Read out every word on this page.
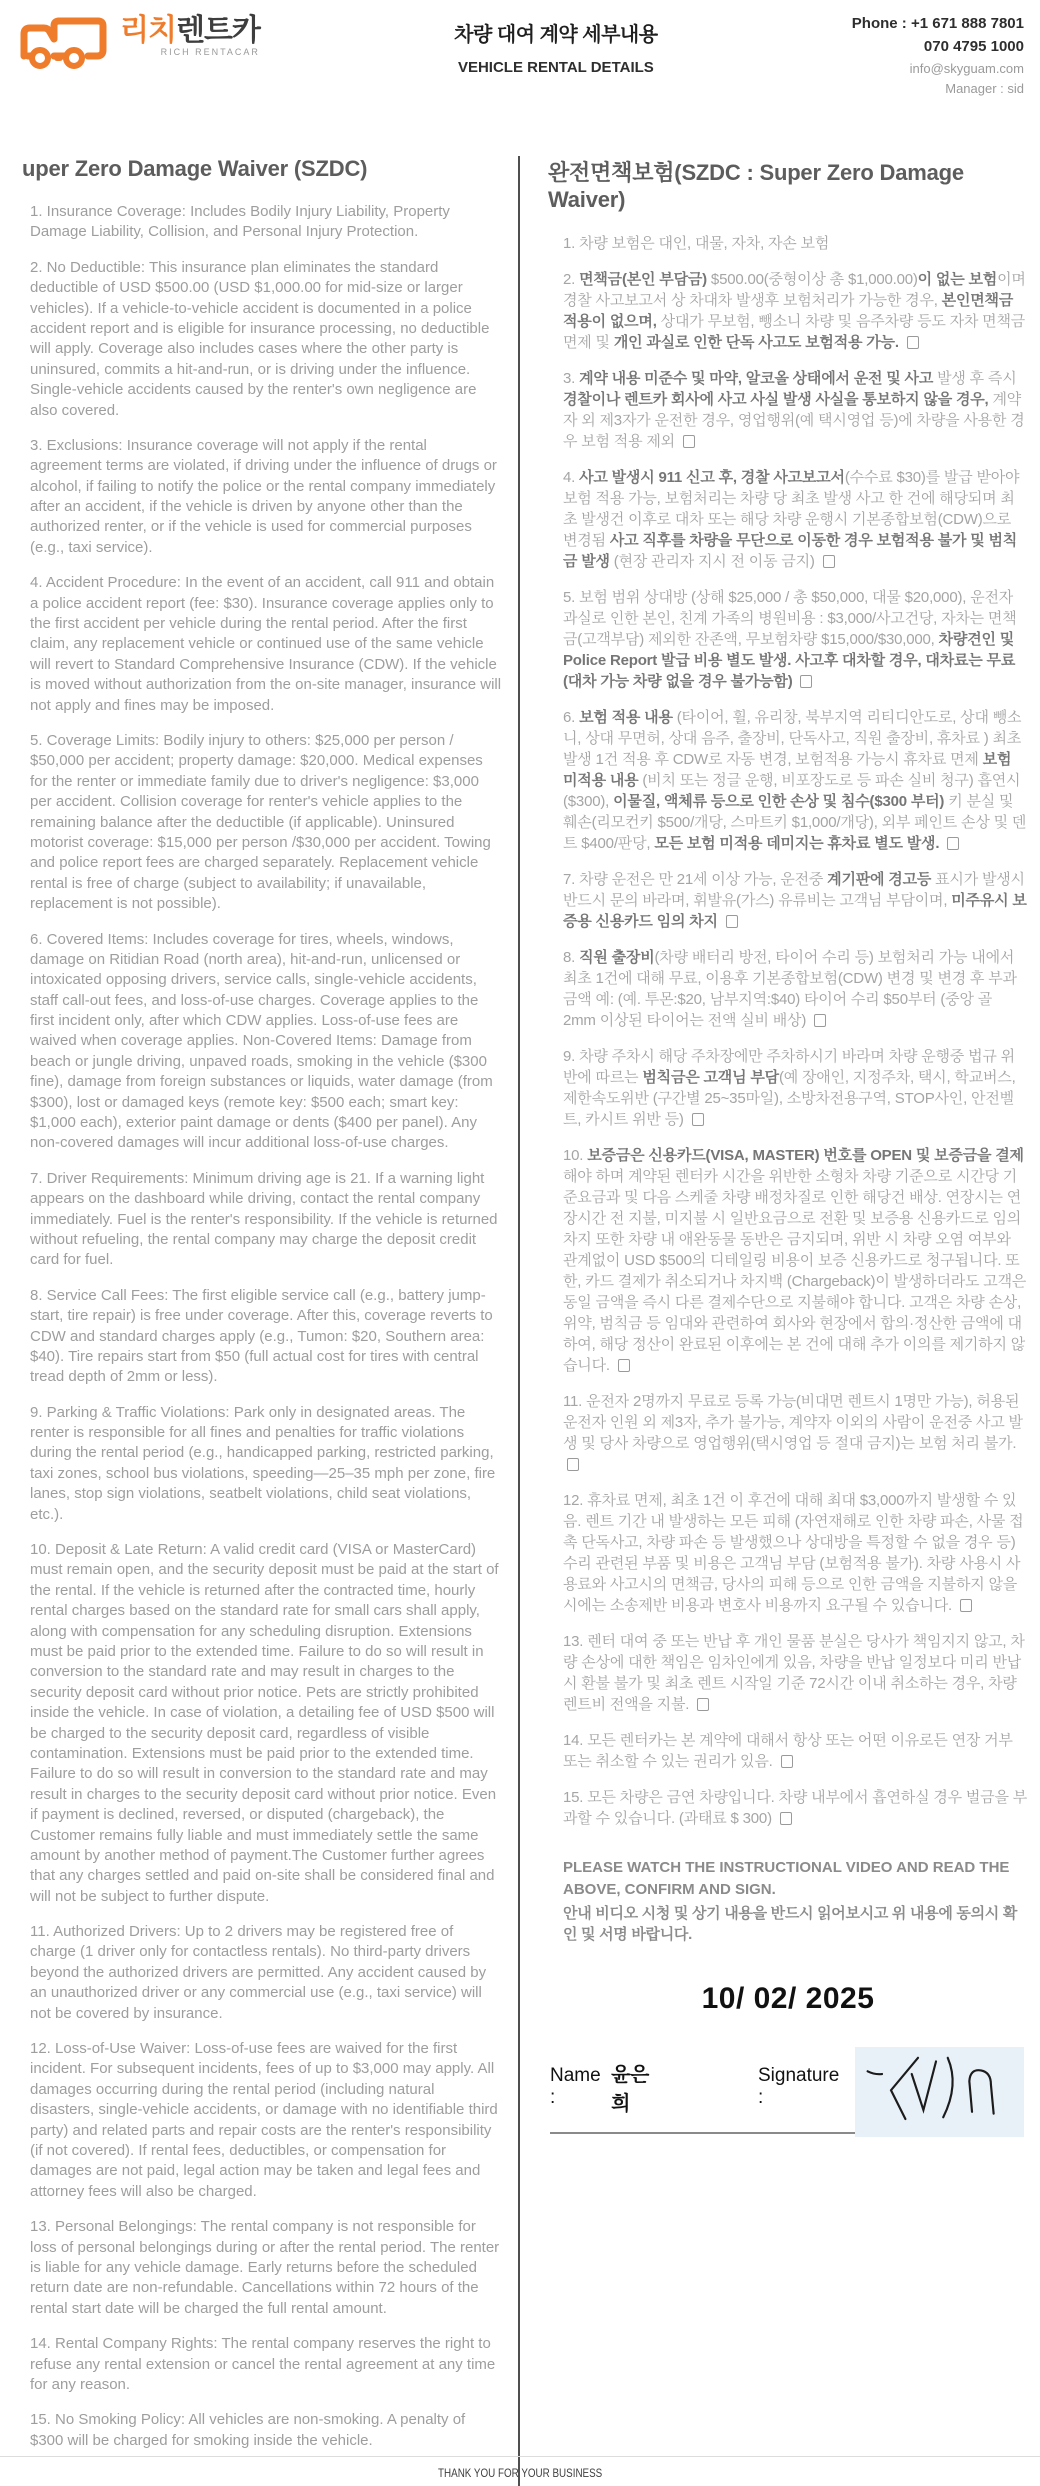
리치렌트카
RICH RENTACAR
차량 대여 계약 세부내용
VEHICLE RENTAL DETAILS
Phone : +1 671 888 7801
070 4795 1000
info@skyguam.com
Manager : sid
uper Zero Damage Waiver (SZDC)

1. Insurance Coverage: Includes Bodily Injury Liability, Property Damage Liability, Collision, and Personal Injury Protection.

2. No Deductible: This insurance plan eliminates the standard deductible of USD $500.00 (USD $1,000.00 for mid-size or larger vehicles). If a vehicle-to-vehicle accident is documented in a police accident report and is eligible for insurance processing, no deductible will apply. Coverage also includes cases where the other party is uninsured, commits a hit-and-run, or is driving under the influence. Single-vehicle accidents caused by the renter's own negligence are also covered.

3. Exclusions: Insurance coverage will not apply if the rental agreement terms are violated, if driving under the influence of drugs or alcohol, if failing to notify the police or the rental company immediately after an accident, if the vehicle is driven by anyone other than the authorized renter, or if the vehicle is used for commercial purposes (e.g., taxi service).

4. Accident Procedure: In the event of an accident, call 911 and obtain a police accident report (fee: $30). Insurance coverage applies only to the first accident per vehicle during the rental period. After the first claim, any replacement vehicle or continued use of the same vehicle will revert to Standard Comprehensive Insurance (CDW). If the vehicle is moved without authorization from the on-site manager, insurance will not apply and fines may be imposed.

5. Coverage Limits: Bodily injury to others: $25,000 per person / $50,000 per accident; property damage: $20,000. Medical expenses for the renter or immediate family due to driver's negligence: $3,000 per accident. Collision coverage for renter's vehicle applies to the remaining balance after the deductible (if applicable). Uninsured motorist coverage: $15,000 per person /$30,000 per accident. Towing and police report fees are charged separately. Replacement vehicle rental is free of charge (subject to availability; if unavailable, replacement is not possible).

6. Covered Items: Includes coverage for tires, wheels, windows, damage on Ritidian Road (north area), hit-and-run, unlicensed or intoxicated opposing drivers, service calls, single-vehicle accidents, staff call-out fees, and loss-of-use charges. Coverage applies to the first incident only, after which CDW applies. Loss-of-use fees are waived when coverage applies. Non-Covered Items: Damage from beach or jungle driving, unpaved roads, smoking in the vehicle ($300 fine), damage from foreign substances or liquids, water damage (from $300), lost or damaged keys (remote key: $500 each; smart key: $1,000 each), exterior paint damage or dents ($400 per panel). Any non-covered damages will incur additional loss-of-use charges.

7. Driver Requirements: Minimum driving age is 21. If a warning light appears on the dashboard while driving, contact the rental company immediately. Fuel is the renter's responsibility. If the vehicle is returned without refueling, the rental company may charge the deposit credit card for fuel.

8. Service Call Fees: The first eligible service call (e.g., battery jump-start, tire repair) is free under coverage. After this, coverage reverts to CDW and standard charges apply (e.g., Tumon: $20, Southern area: $40). Tire repairs start from $50 (full actual cost for tires with central tread depth of 2mm or less).

9. Parking & Traffic Violations: Park only in designated areas. The renter is responsible for all fines and penalties for traffic violations during the rental period (e.g., handicapped parking, restricted parking, taxi zones, school bus violations, speeding—25–35 mph per zone, fire lanes, stop sign violations, seatbelt violations, child seat violations, etc.).

10. Deposit & Late Return: A valid credit card (VISA or MasterCard) must remain open, and the security deposit must be paid at the start of the rental. If the vehicle is returned after the contracted time, hourly rental charges based on the standard rate for small cars shall apply, along with compensation for any scheduling disruption. Extensions must be paid prior to the extended time. Failure to do so will result in conversion to the standard rate and may result in charges to the security deposit card without prior notice. Pets are strictly prohibited inside the vehicle. In case of violation, a detailing fee of USD $500 will be charged to the security deposit card, regardless of visible contamination. Extensions must be paid prior to the extended time. Failure to do so will result in conversion to the standard rate and may result in charges to the security deposit card without prior notice. Even if payment is declined, reversed, or disputed (chargeback), the Customer remains fully liable and must immediately settle the same amount by another method of payment.The Customer further agrees that any charges settled and paid on-site shall be considered final and will not be subject to further dispute.

11. Authorized Drivers: Up to 2 drivers may be registered free of charge (1 driver only for contactless rentals). No third-party drivers beyond the authorized drivers are permitted. Any accident caused by an unauthorized driver or any commercial use (e.g., taxi service) will not be covered by insurance.

12. Loss-of-Use Waiver: Loss-of-use fees are waived for the first incident. For subsequent incidents, fees of up to $3,000 may apply. All damages occurring during the rental period (including natural disasters, single-vehicle accidents, or damage with no identifiable third party) and related parts and repair costs are the renter's responsibility (if not covered). If rental fees, deductibles, or compensation for damages are not paid, legal action may be taken and legal fees and attorney fees will also be charged.

13. Personal Belongings: The rental company is not responsible for loss of personal belongings during or after the rental period. The renter is liable for any vehicle damage. Early returns before the scheduled return date are non-refundable. Cancellations within 72 hours of the rental start date will be charged the full rental amount.

14. Rental Company Rights: The rental company reserves the right to refuse any rental extension or cancel the rental agreement at any time for any reason.

15. No Smoking Policy: All vehicles are non-smoking. A penalty of $300 will be charged for smoking inside the vehicle.

완전면책보험(SZDC : Super Zero Damage Waiver)

1. 차량 보험은 대인, 대물, 자차, 자손 보험

2. 면책금(본인 부담금) $500.00(중형이상 총 $1,000.00)이 없는 보험이며 경찰 사고보고서 상 차대차 발생후 보험처리가 가능한 경우, 본인면책금 적용이 없으며, 상대가 무보험, 뺑소니 차량 및 음주차량 등도 자차 면책금 면제 및 개인 과실로 인한 단독 사고도 보험적용 가능.

3. 계약 내용 미준수 및 마약, 알코올 상태에서 운전 및 사고 발생 후 즉시 경찰이나 렌트카 회사에 사고 사실 발생 사실을 통보하지 않을 경우, 계약자 외 제3자가 운전한 경우, 영업행위(예 택시영업 등)에 차량을 사용한 경우 보험 적용 제외

4. 사고 발생시 911 신고 후, 경찰 사고보고서(수수료 $30)를 발급 받아야 보험 적용 가능, 보험처리는 차량 당 최초 발생 사고 한 건에 해당되며 최초 발생건 이후로 대차 또는 해당 차량 운행시 기본종합보험(CDW)으로 변경됨 사고 직후를 차량을 무단으로 이동한 경우 보험적용 불가 및 범칙금 발생 (현장 관리자 지시 전 이동 금지)

5. 보험 범위 상대방 (상해 $25,000 / 총 $50,000, 대물 $20,000), 운전자 과실로 인한 본인, 친계 가족의 병원비용 : $3,000/사고건당, 자차는 면책금(고객부담) 제외한 잔존액, 무보험차량 $15,000/$30,000, 차량견인 및 Police Report 발급 비용 별도 발생. 사고후 대차할 경우, 대차료는 무료(대차 가능 차량 없을 경우 불가능함)

6. 보험 적용 내용 (타이어, 휠, 유리창, 북부지역 리티디안도로, 상대 뺑소니, 상대 무면허, 상대 음주, 출장비, 단독사고, 직원 출장비, 휴차료 ) 최초 발생 1건 적용 후 CDW로 자동 변경, 보험적용 가능시 휴차료 면제 보험 미적용 내용 (비치 또는 정글 운행, 비포장도로 등 파손 실비 청구) 흡연시($300), 이물질, 액체류 등으로 인한 손상 및 침수($300 부터) 키 분실 및 훼손(리모컨키 $500/개당, 스마트키 $1,000/개당), 외부 페인트 손상 및 덴트 $400/판당, 모든 보험 미적용 데미지는 휴차료 별도 발생.

7. 차량 운전은 만 21세 이상 가능, 운전중 계기판에 경고등 표시가 발생시 반드시 문의 바라며, 휘발유(가스) 유류비는 고객님 부담이며, 미주유시 보증용 신용카드 임의 차지

8. 직원 출장비(차량 배터리 방전, 타이어 수리 등) 보험처리 가능 내에서 최초 1건에 대해 무료, 이용후 기본종합보험(CDW) 변경 및 변경 후 부과금액 예: (예. 투몬:$20, 남부지역:$40) 타이어 수리 $50부터 (중앙 골 2mm 이상된 타이어는 전액 실비 배상)

9. 차량 주차시 해당 주차장에만 주차하시기 바라며 차량 운행중 법규 위반에 따르는 범칙금은 고객님 부담(예 장애인, 지정주차, 택시, 학교버스, 제한속도위반 (구간별 25~35마일), 소방차전용구역, STOP사인, 안전벨트, 카시트 위반 등)

10. 보증금은 신용카드(VISA, MASTER) 번호를 OPEN 및 보증금을 결제해야 하며 계약된 렌터카 시간을 위반한 소형차 차량 기준으로 시간당 기준요금과 및 다음 스케줄 차량 배정차질로 인한 해당건 배상. 연장시는 연장시간 전 지불, 미지불 시 일반요금으로 전환 및 보증용 신용카드로 임의 차지 또한 차량 내 애완동물 동반은 금지되며, 위반 시 차량 오염 여부와 관계없이 USD $500의 디테일링 비용이 보증 신용카드로 청구됩니다. 또한, 카드 결제가 취소되거나 차지백 (Chargeback)이 발생하더라도 고객은 동일 금액을 즉시 다른 결제수단으로 지불해야 합니다. 고객은 차량 손상, 위약, 범칙금 등 임대와 관련하여 회사와 현장에서 합의·정산한 금액에 대하여, 해당 정산이 완료된 이후에는 본 건에 대해 추가 이의를 제기하지 않습니다.

11. 운전자 2명까지 무료로 등록 가능(비대면 렌트시 1명만 가능), 허용된 운전자 인원 외 제3자, 추가 불가능, 계약자 이외의 사람이 운전중 사고 발생 및 당사 차량으로 영업행위(택시영업 등 절대 금지)는 보험 처리 불가.

12. 휴차료 면제, 최초 1건 이 후건에 대해 최대 $3,000까지 발생할 수 있음. 렌트 기간 내 발생하는 모든 피해 (자연재해로 인한 차량 파손, 사물 접촉 단독사고, 차량 파손 등 발생했으나 상대방을 특정할 수 없을 경우 등) 수리 관련된 부품 및 비용은 고객님 부담 (보험적용 불가). 차량 사용시 사용료와 사고시의 면책금, 당사의 피해 등으로 인한 금액을 지불하지 않을 시에는 소송제반 비용과 변호사 비용까지 요구될 수 있습니다.

13. 렌터 대여 중 또는 반납 후 개인 물품 분실은 당사가 책임지지 않고, 차량 손상에 대한 책임은 임차인에게 있음, 차량을 반납 일정보다 미리 반납시 환불 불가 및 최초 렌트 시작일 기준 72시간 이내 취소하는 경우, 차량 렌트비 전액을 지불.

14. 모든 렌터카는 본 계약에 대해서 항상 또는 어떤 이유로든 연장 거부 또는 취소할 수 있는 권리가 있음.

15. 모든 차량은 금연 차량입니다. 차량 내부에서 흡연하실 경우 벌금을 부과할 수 있습니다. (과태료 $ 300)

PLEASE WATCH THE INSTRUCTIONAL VIDEO AND READ THE ABOVE, CONFIRM AND SIGN.
안내 비디오 시청 및 상기 내용을 반드시 읽어보시고 위 내용에 동의시 확인 및 서명 바랍니다.
10/ 02/ 2025
Name :
윤은희
Signature :
THANK YOU FOR YOUR BUSINESS
